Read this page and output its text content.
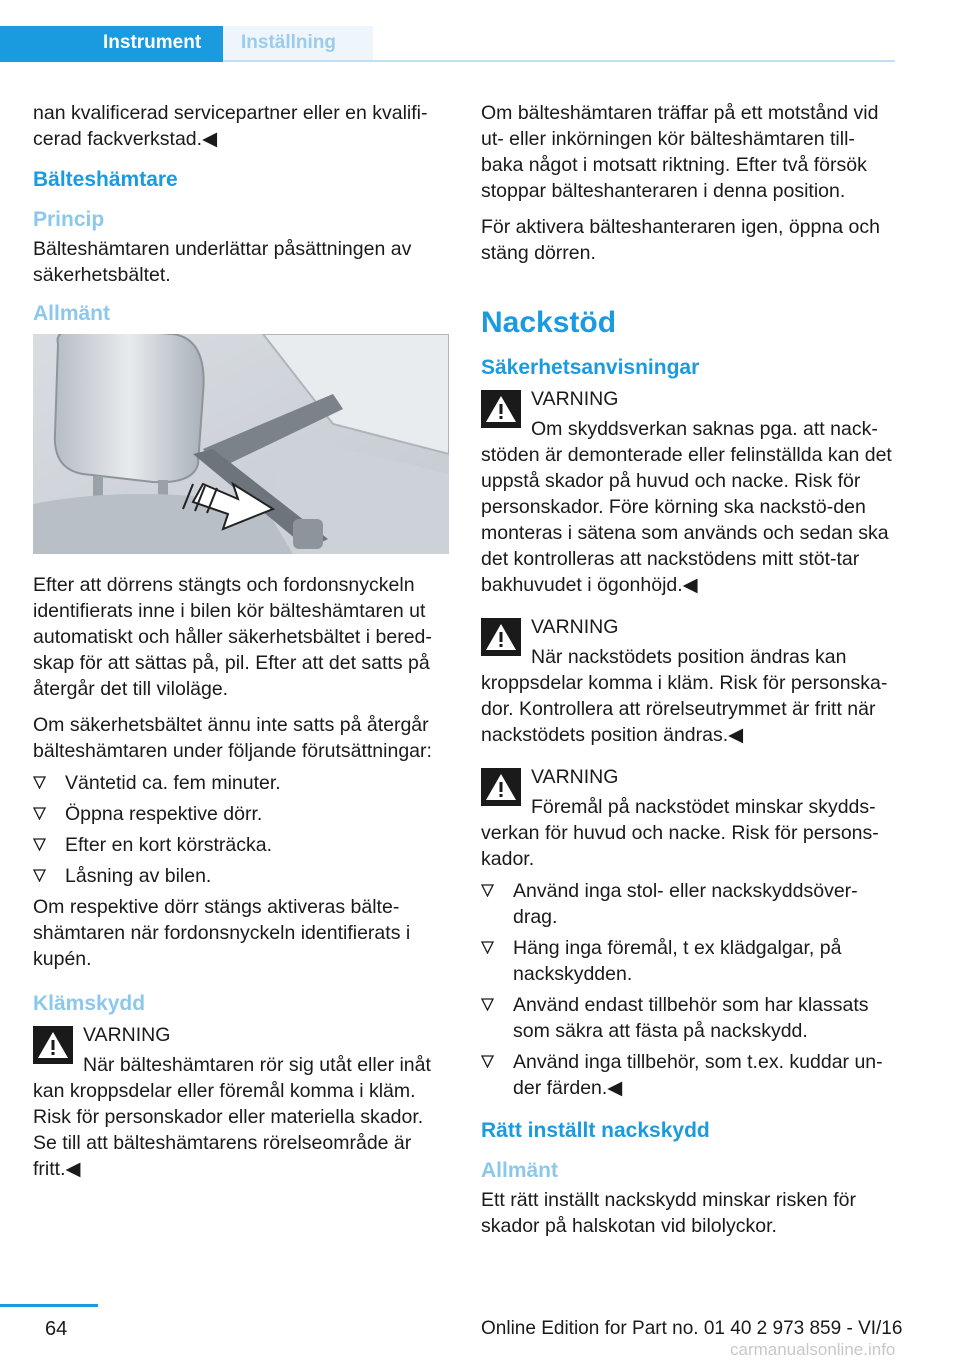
Instrument	Inställning

nan kvalificerad servicepartner eller en kvalifi-cerad fackverkstad.◀

Bälteshämtare
Princip

Bälteshämtaren underlättar påsättningen av säkerhetsbältet.

Allmänt

Efter att dörrens stängts och fordonsnyckeln identifierats inne i bilen kör bälteshämtaren ut automatiskt och håller säkerhetsbältet i bered-skap för att sättas på, pil. Efter att det satts på återgår det till viloläge.

Om säkerhetsbältet ännu inte satts på återgår bälteshämtaren under följande förutsättningar:

Väntetid ca. fem minuter.
Öppna respektive dörr.
Efter en kort körsträcka.
Låsning av bilen.

Om respektive dörr stängs aktiveras bälte-shämtaren när fordonsnyckeln identifierats i kupén.

Klämskydd
VARNING
När bälteshämtaren rör sig utåt eller inåt kan kroppsdelar eller föremål komma i kläm. Risk för personskador eller materiella skador. Se till att bälteshämtarens rörelseområde är fritt.◀

Om bälteshämtaren träffar på ett motstånd vid ut- eller inkörningen kör bälteshämtaren till-baka något i motsatt riktning. Efter två försök stoppar bälteshanteraren i denna position.

För aktivera bälteshanteraren igen, öppna och stäng dörren.

Nackstöd
Säkerhetsanvisningar
VARNING
Om skyddsverkan saknas pga. att nack-stöden är demonterade eller felinställda kan det uppstå skador på huvud och nacke. Risk för personskador. Före körning ska nackstö-den monteras i sätena som används och sedan ska det kontrolleras att nackstödens mitt stöt-tar bakhuvudet i ögonhöjd.◀
VARNING
När nackstödets position ändras kan kroppsdelar komma i kläm. Risk för personska-dor. Kontrollera att rörelseutrymmet är fritt när nackstödets position ändras.◀
VARNING
Föremål på nackstödet minskar skydds-verkan för huvud och nacke. Risk för persons-kador.
Använd inga stol- eller nackskyddsöver-drag.
Häng inga föremål, t ex klädgalgar, på nackskydden.
Använd endast tillbehör som har klassats som säkra att fästa på nackskydd.
Använd inga tillbehör, som t.ex. kuddar un-der färden.◀
Rätt inställt nackskydd
Allmänt

Ett rätt inställt nackskydd minskar risken för skador på halskotan vid bilolyckor.

64	Online Edition for Part no. 01 40 2 973 859 - VI/16
carmanualsonline.info
